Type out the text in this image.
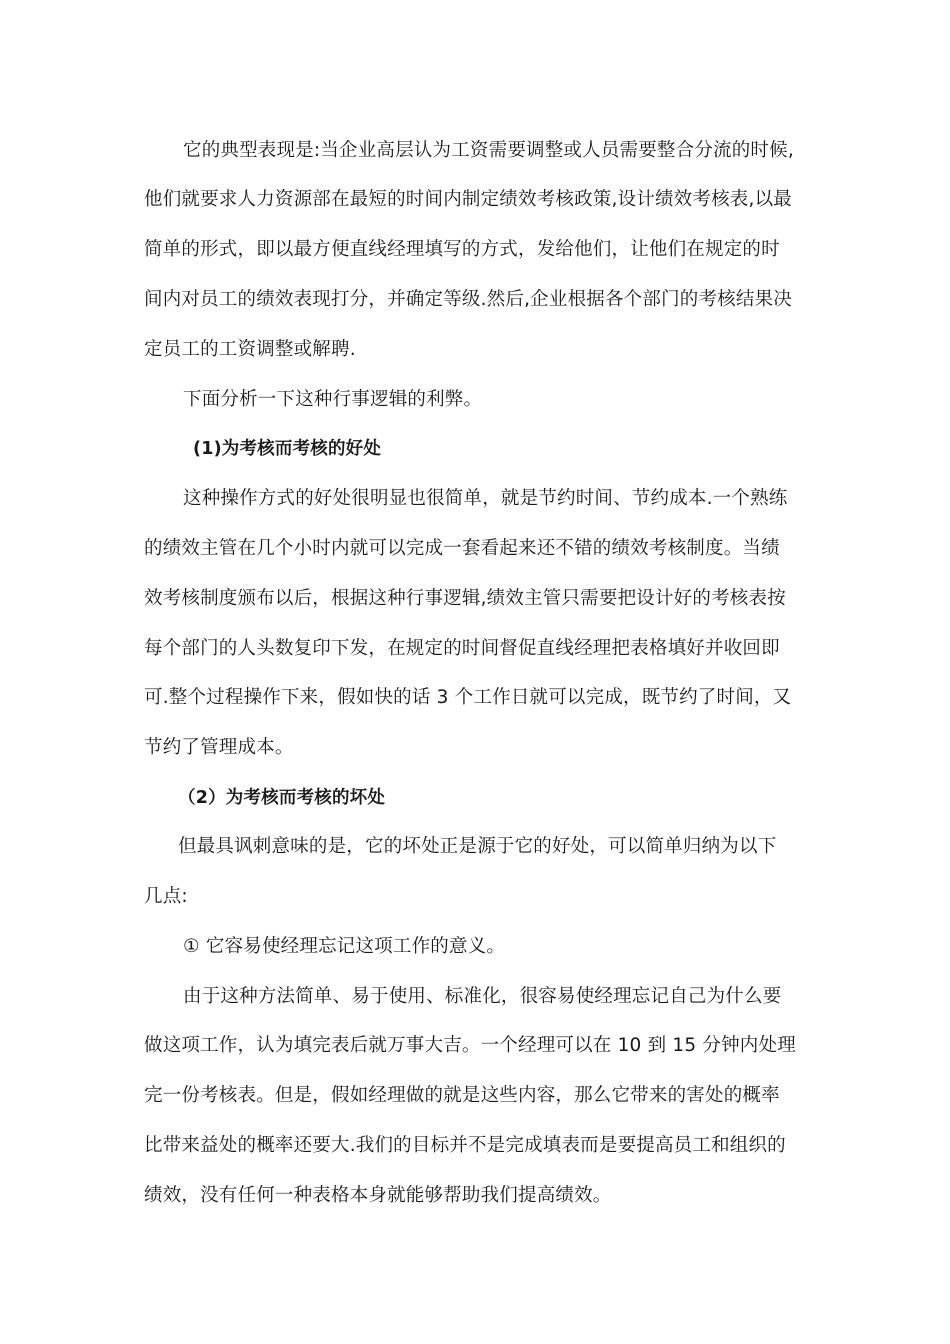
它的典型表现是:当企业高层认为工资需要调整或人员需要整合分流的时候,
他们就要求人力资源部在最短的时间内制定绩效考核政策,设计绩效考核表,以最
简单的形式，即以最方便直线经理填写的方式，发给他们，让他们在规定的时
间内对员工的绩效表现打分，并确定等级.然后,企业根据各个部门的考核结果决
定员工的工资调整或解聘.
下面分析一下这种行事逻辑的利弊。
(1)为考核而考核的好处
这种操作方式的好处很明显也很简单，就是节约时间、节约成本.一个熟练
的绩效主管在几个小时内就可以完成一套看起来还不错的绩效考核制度。当绩
效考核制度颁布以后，根据这种行事逻辑,绩效主管只需要把设计好的考核表按
每个部门的人头数复印下发，在规定的时间督促直线经理把表格填好并收回即
可.整个过程操作下来，假如快的话 3 个工作日就可以完成，既节约了时间，又
节约了管理成本。
（2）为考核而考核的坏处
但最具讽刺意味的是，它的坏处正是源于它的好处，可以简单归纳为以下
几点:
① 它容易使经理忘记这项工作的意义。
由于这种方法简单、易于使用、标准化，很容易使经理忘记自己为什么要
做这项工作，认为填完表后就万事大吉。一个经理可以在 10 到 15 分钟内处理
完一份考核表。但是，假如经理做的就是这些内容，那么它带来的害处的概率
比带来益处的概率还要大.我们的目标并不是完成填表而是要提高员工和组织的
绩效，没有任何一种表格本身就能够帮助我们提高绩效。
